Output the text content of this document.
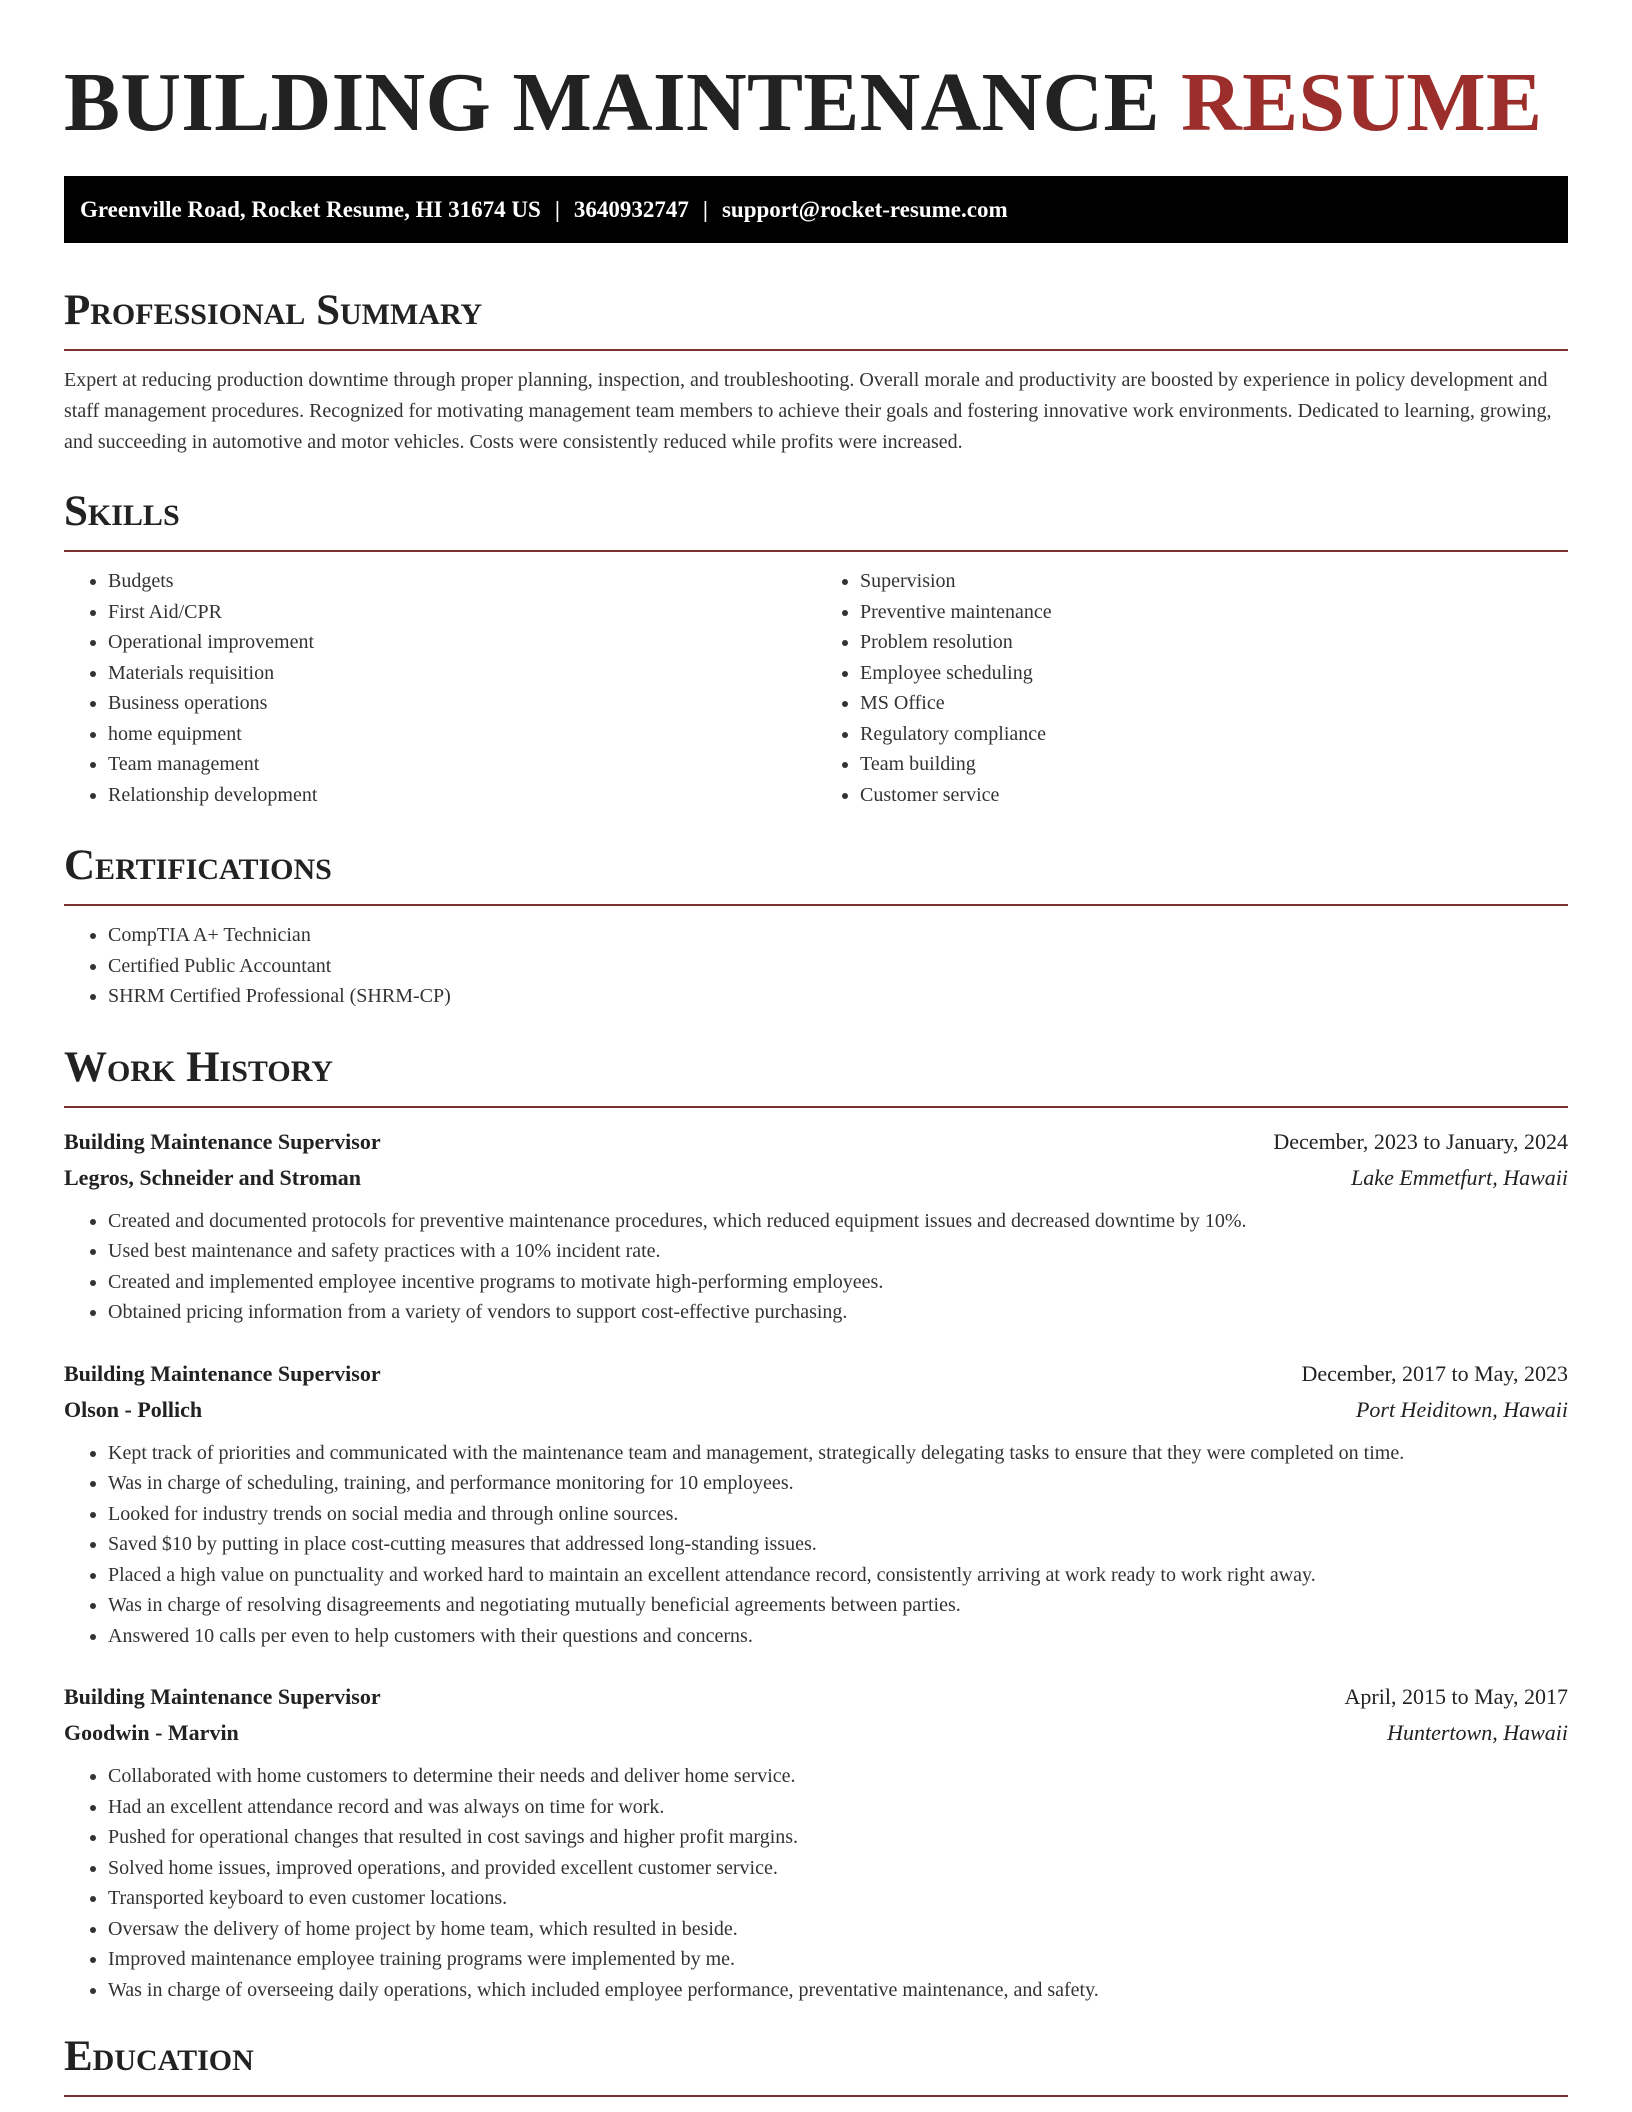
BUILDING MAINTENANCE RESUME
Greenville Road, Rocket Resume, HI 31674 US | 3640932747 | support@rocket-resume.com
Professional Summary

Expert at reducing production downtime through proper planning, inspection, and troubleshooting. Overall morale and productivity are boosted by experience in policy development and staff management procedures. Recognized for motivating management team members to achieve their goals and fostering innovative work environments. Dedicated to learning, growing, and succeeding in automotive and motor vehicles. Costs were consistently reduced while profits were increased.

Skills
• Budgets
• First Aid/CPR
• Operational improvement
• Materials requisition
• Business operations
• home equipment
• Team management
• Relationship development
• Supervision
• Preventive maintenance
• Problem resolution
• Employee scheduling
• MS Office
• Regulatory compliance
• Team building
• Customer service
Certifications
• CompTIA A+ Technician
• Certified Public Accountant
• SHRM Certified Professional (SHRM-CP)
Work History
Building Maintenance Supervisor	December, 2023 to January, 2024
Legros, Schneider and Stroman	Lake Emmetfurt, Hawaii
• Created and documented protocols for preventive maintenance procedures, which reduced equipment issues and decreased downtime by 10%.
• Used best maintenance and safety practices with a 10% incident rate.
• Created and implemented employee incentive programs to motivate high-performing employees.
• Obtained pricing information from a variety of vendors to support cost-effective purchasing.
Building Maintenance Supervisor	December, 2017 to May, 2023
Olson - Pollich	Port Heiditown, Hawaii
• Kept track of priorities and communicated with the maintenance team and management, strategically delegating tasks to ensure that they were completed on time.
• Was in charge of scheduling, training, and performance monitoring for 10 employees.
• Looked for industry trends on social media and through online sources.
• Saved $10 by putting in place cost-cutting measures that addressed long-standing issues.
• Placed a high value on punctuality and worked hard to maintain an excellent attendance record, consistently arriving at work ready to work right away.
• Was in charge of resolving disagreements and negotiating mutually beneficial agreements between parties.
• Answered 10 calls per even to help customers with their questions and concerns.
Building Maintenance Supervisor	April, 2015 to May, 2017
Goodwin - Marvin	Huntertown, Hawaii
• Collaborated with home customers to determine their needs and deliver home service.
• Had an excellent attendance record and was always on time for work.
• Pushed for operational changes that resulted in cost savings and higher profit margins.
• Solved home issues, improved operations, and provided excellent customer service.
• Transported keyboard to even customer locations.
• Oversaw the delivery of home project by home team, which resulted in beside.
• Improved maintenance employee training programs were implemented by me.
• Was in charge of overseeing daily operations, which included employee performance, preventative maintenance, and safety.
Education
